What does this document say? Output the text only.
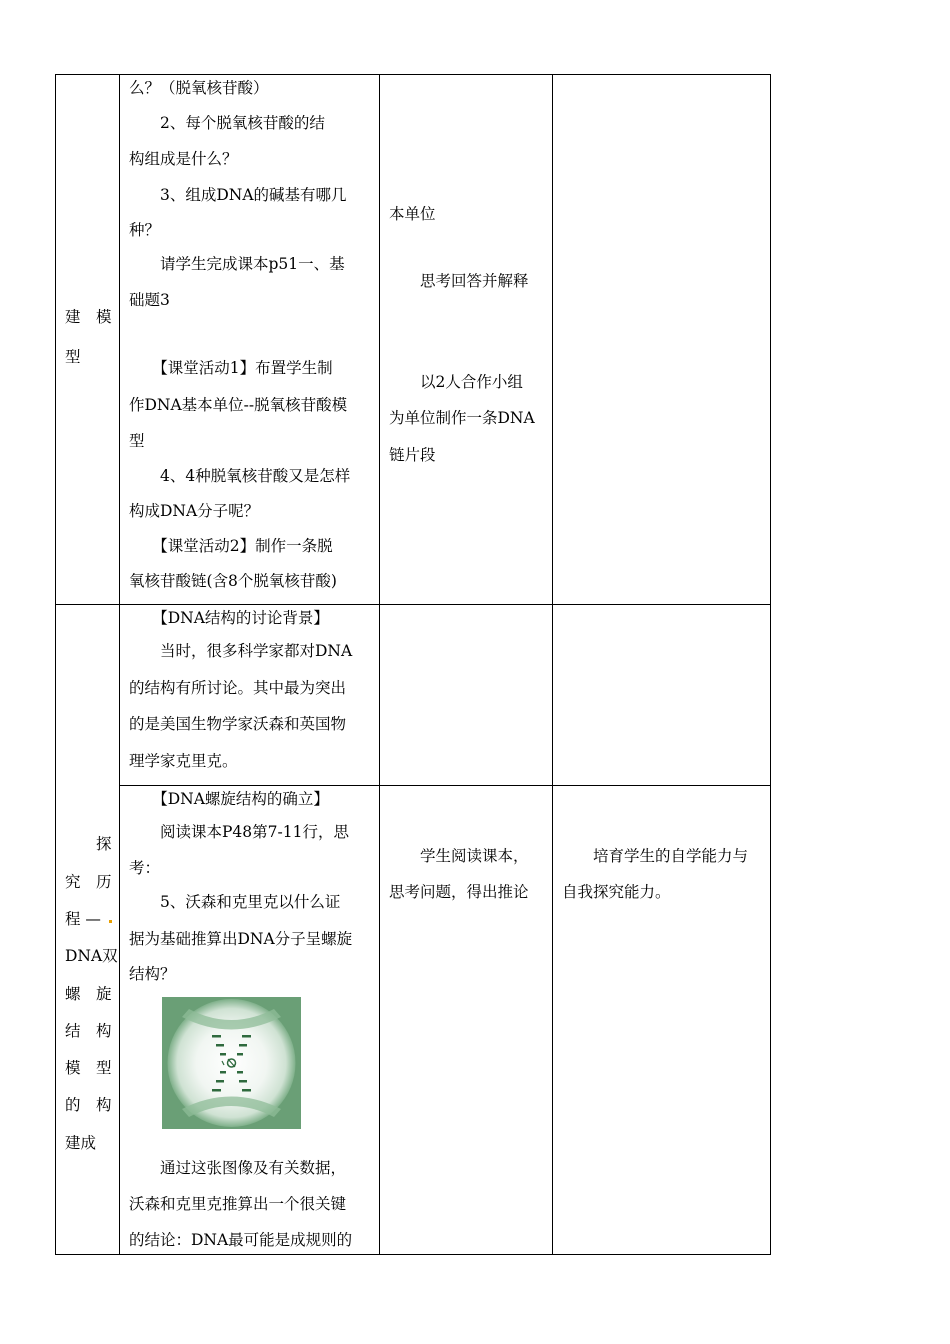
建 模
型
么？（脱氧核苷酸）
　　2、每个脱氧核苷酸的结
构组成是什么？
　　3、组成DNA的碱基有哪几
种？
　　请学生完成课本p51一、基
础题3
　　【课堂活动1】布置学生制
作DNA基本单位--脱氧核苷酸模
型
　　4、4种脱氧核苷酸又是怎样
构成DNA分子呢？
　　【课堂活动2】制作一条脱
氧核苷酸链(含8个脱氧核苷酸)
本单位
　　思考回答并解释
　　以2人合作小组
为单位制作一条DNA
链片段
　　【DNA结构的讨论背景】
　　当时，很多科学家都对DNA
的结构有所讨论。其中最为突出
的是美国生物学家沃森和英国物
理学家克里克。
探
究　历
程 —
DNA双
螺　旋
结　构
模　型
的　构
建成
　　【DNA螺旋结构的确立】
　　阅读课本P48第7-11行，思
考：
　　5、沃森和克里克以什么证
据为基础推算出DNA分子呈螺旋
结构？
　　通过这张图像及有关数据，
沃森和克里克推算出一个很关键
的结论：DNA最可能是成规则的
　　学生阅读课本，
思考问题，得出推论
　　培育学生的自学能力与
自我探究能力。
